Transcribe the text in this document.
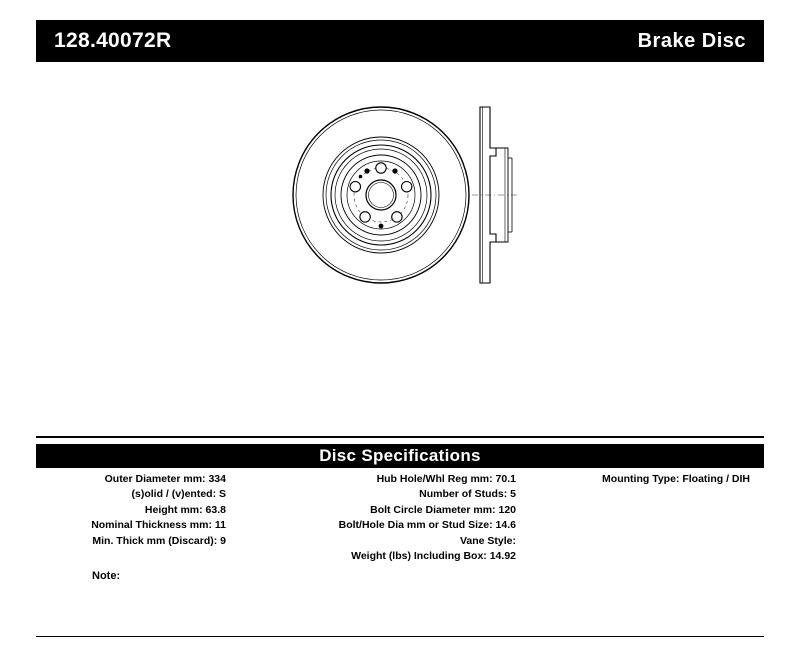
128.40072R	Brake Disc
Disc Specifications
Outer Diameter mm: 334
(s)olid / (v)ented: S
Height mm: 63.8
Nominal Thickness mm: 11
Min. Thick mm (Discard): 9
Hub Hole/Whl Reg mm: 70.1
Number of Studs: 5
Bolt Circle Diameter mm: 120
Bolt/Hole Dia mm or Stud Size: 14.6
Vane Style:
Weight (lbs) Including Box: 14.92
Mounting Type: Floating / DIH
Note:
